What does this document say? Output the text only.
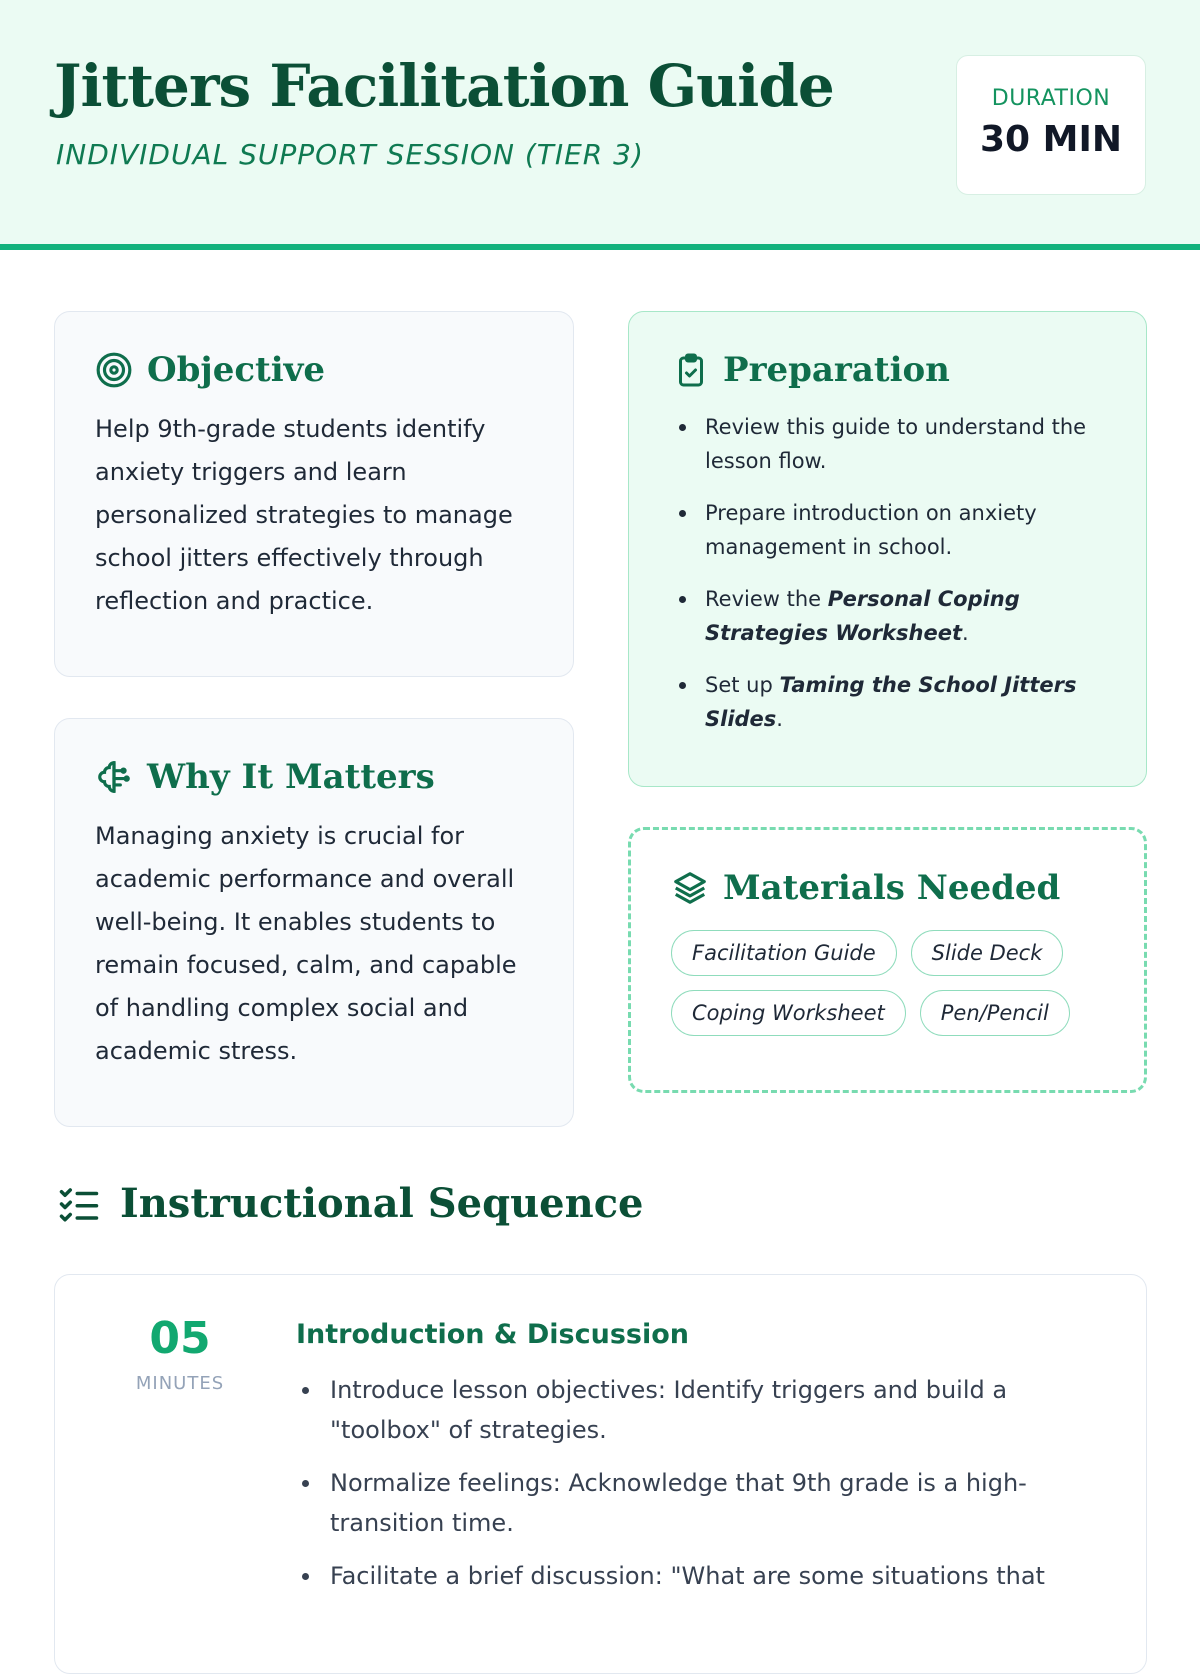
Jitters Facilitation Guide
INDIVIDUAL SUPPORT SESSION (TIER 3)
DURATION
30 MIN
Objective

Help 9th-grade students identify anxiety triggers and learn personalized strategies to manage school jitters effectively through reflection and practice.

Why It Matters

Managing anxiety is crucial for academic performance and overall well-being. It enables students to remain focused, calm, and capable of handling complex social and academic stress.

Preparation
Review this guide to understand the lesson flow.
Prepare introduction on anxiety management in school.
Review the Personal Coping Strategies Worksheet.
Set up Taming the School Jitters Slides.
Materials Needed
Facilitation Guide	Slide Deck
Coping Worksheet	Pen/Pencil
Instructional Sequence
05
MINUTES
Introduction & Discussion
Introduce lesson objectives: Identify triggers and build a "toolbox" of strategies.
Normalize feelings: Acknowledge that 9th grade is a high-transition time.
Facilitate a brief discussion: "What are some situations that
